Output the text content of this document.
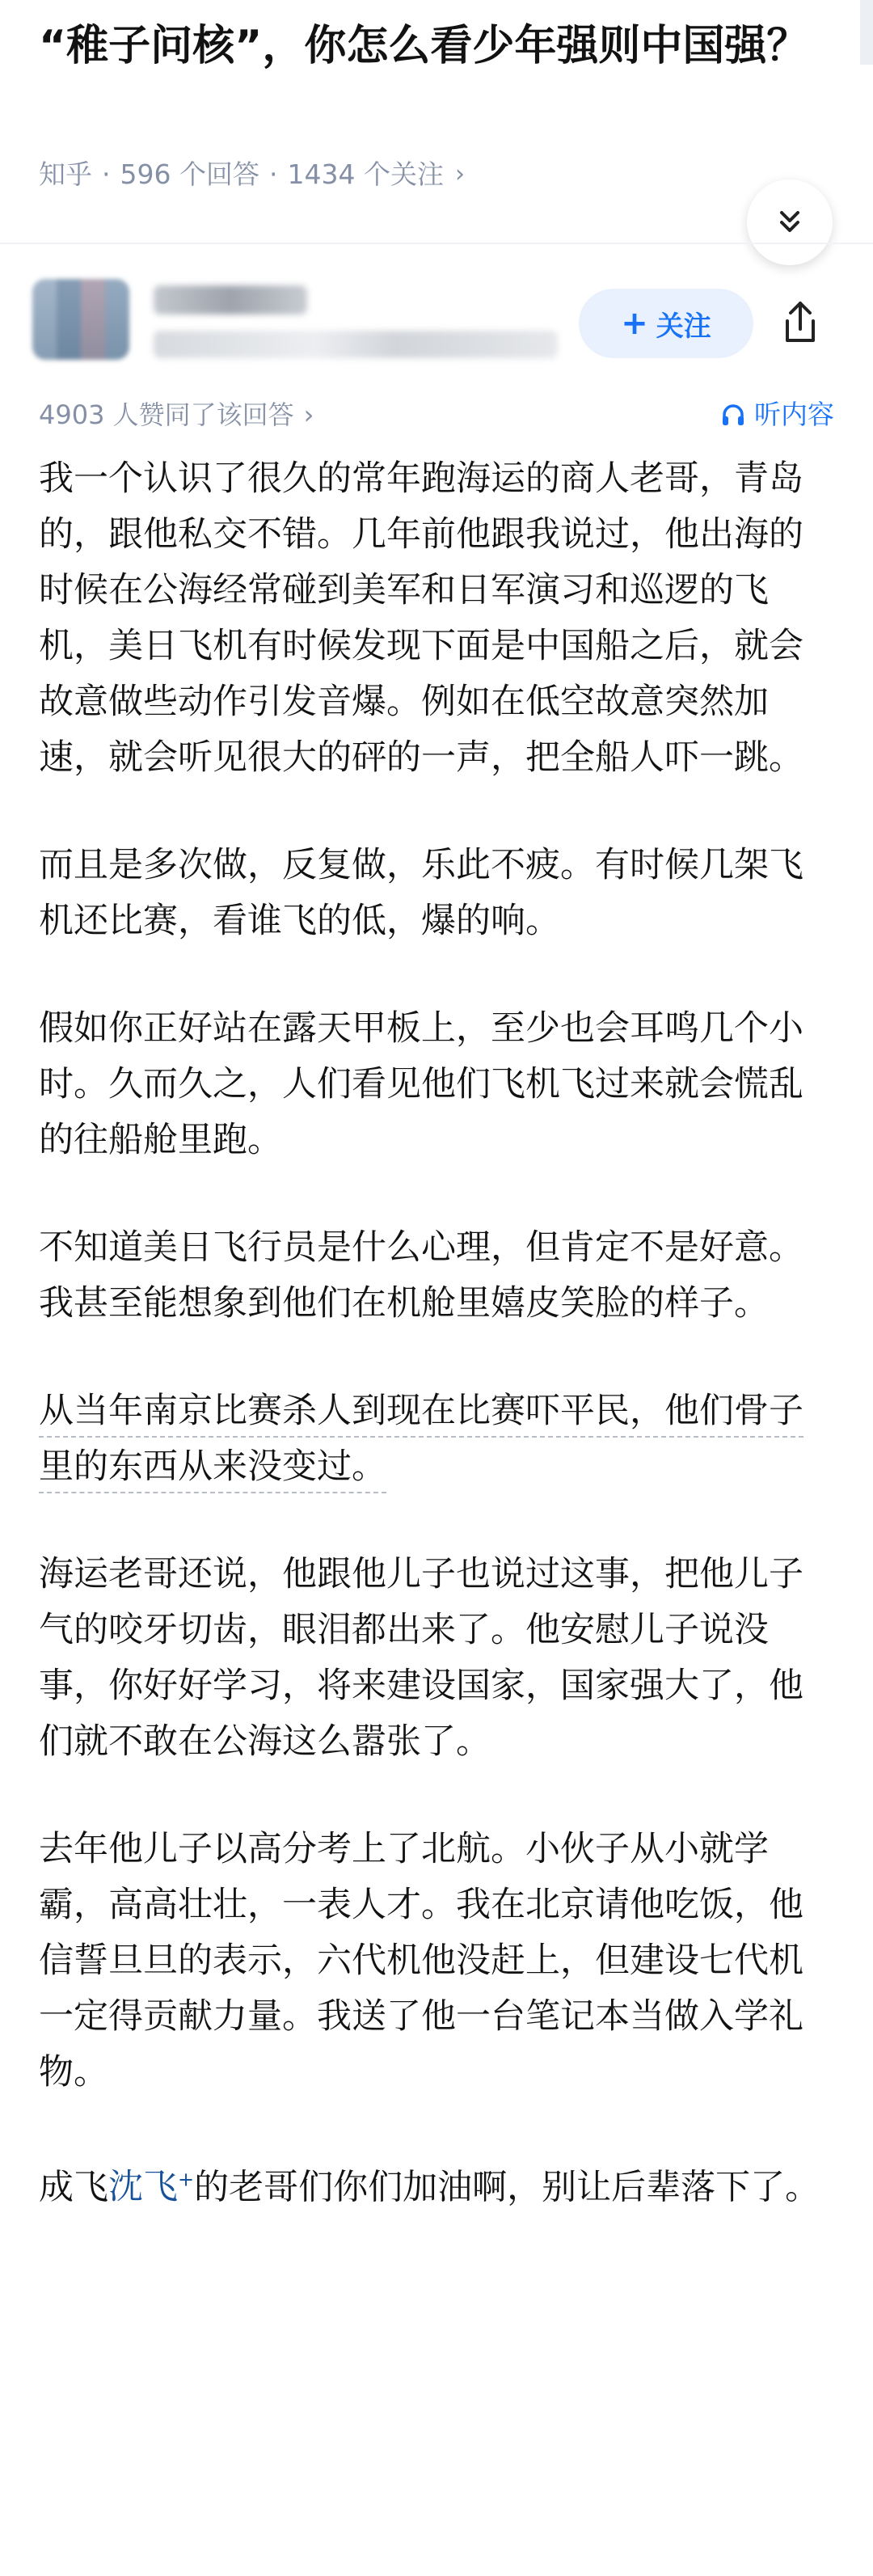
“稚子问核”，你怎么看少年强则中国强？
知乎 · 596 个回答 · 1434 个关注 ›
+ 关注
4903 人赞同了该回答 ›	听内容

我一个认识了很久的常年跑海运的商人老哥，青岛的，跟他私交不错。几年前他跟我说过，他出海的时候在公海经常碰到美军和日军演习和巡逻的飞机，美日飞机有时候发现下面是中国船之后，就会故意做些动作引发音爆。例如在低空故意突然加速，就会听见很大的砰的一声，把全船人吓一跳。

而且是多次做，反复做，乐此不疲。有时候几架飞机还比赛，看谁飞的低，爆的响。

假如你正好站在露天甲板上，至少也会耳鸣几个小时。久而久之，人们看见他们飞机飞过来就会慌乱的往船舱里跑。

不知道美日飞行员是什么心理，但肯定不是好意。我甚至能想象到他们在机舱里嬉皮笑脸的样子。

从当年南京比赛杀人到现在比赛吓平民，他们骨子里的东西从来没变过。

海运老哥还说，他跟他儿子也说过这事，把他儿子气的咬牙切齿，眼泪都出来了。他安慰儿子说没事，你好好学习，将来建设国家，国家强大了，他们就不敢在公海这么嚣张了。

去年他儿子以高分考上了北航。小伙子从小就学霸，高高壮壮，一表人才。我在北京请他吃饭，他信誓旦旦的表示，六代机他没赶上，但建设七代机一定得贡献力量。我送了他一台笔记本当做入学礼物。

成飞沈飞+的老哥们你们加油啊，别让后辈落下了。
